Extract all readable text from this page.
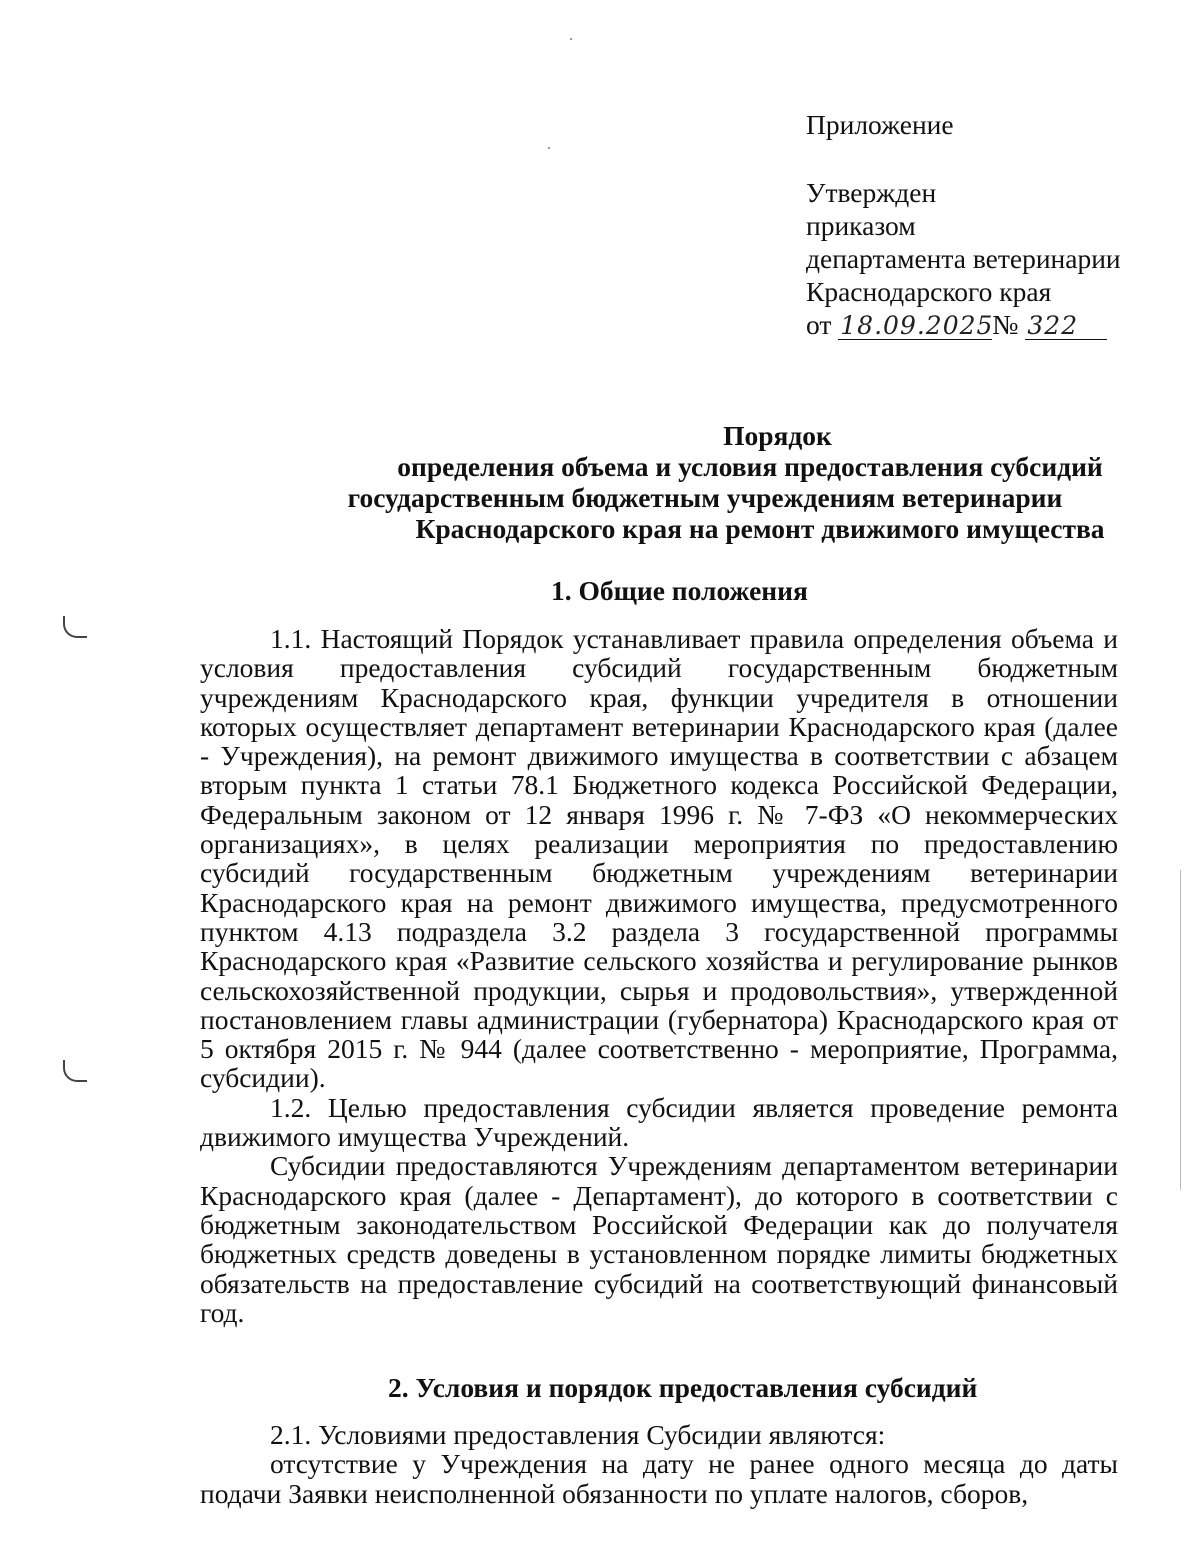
Приложение
Утвержден
приказом
департамента ветеринарии
Краснодарского края
от 18.09.2025№ 322
Порядок
определения объема и условия предоставления субсидий
государственным бюджетным учреждениям ветеринарии
Краснодарского края на ремонт движимого имущества
1. Общие положения

1.1. Настоящий Порядок устанавливает правила определения объема и условия предоставления субсидий государственным бюджетным учреждениям Краснодарского края, функции учредителя в отношении которых осуществляет департамент ветеринарии Краснодарского края (далее - Учреждения), на ремонт движимого имущества в соответствии с абзацем вторым пункта 1 статьи 78.1 Бюджетного кодекса Российской Федерации, Федеральным законом от 12 января 1996 г. № 7-ФЗ «О некоммерческих организациях», в целях реализации мероприятия по предоставлению субсидий государственным бюджетным учреждениям ветеринарии Краснодарского края на ремонт движимого имущества, предусмотренного пунктом 4.13 подраздела 3.2 раздела 3 государственной программы Краснодарского края «Развитие сельского хозяйства и регулирование рынков сельскохозяйственной продукции, сырья и продовольствия», утвержденной постановлением главы администрации (губернатора) Краснодарского края от 5 октября 2015 г. № 944 (далее соответственно - мероприятие, Программа, субсидии).

1.2. Целью предоставления субсидии является проведение ремонта движимого имущества Учреждений.

Субсидии предоставляются Учреждениям департаментом ветеринарии Краснодарского края (далее - Департамент), до которого в соответствии с бюджетным законодательством Российской Федерации как до получателя бюджетных средств доведены в установленном порядке лимиты бюджетных обязательств на предоставление субсидий на соответствующий финансовый год.

2. Условия и порядок предоставления субсидий

2.1. Условиями предоставления Субсидии являются:

отсутствие у Учреждения на дату не ранее одного месяца до даты подачи Заявки неисполненной обязанности по уплате налогов, сборов,
